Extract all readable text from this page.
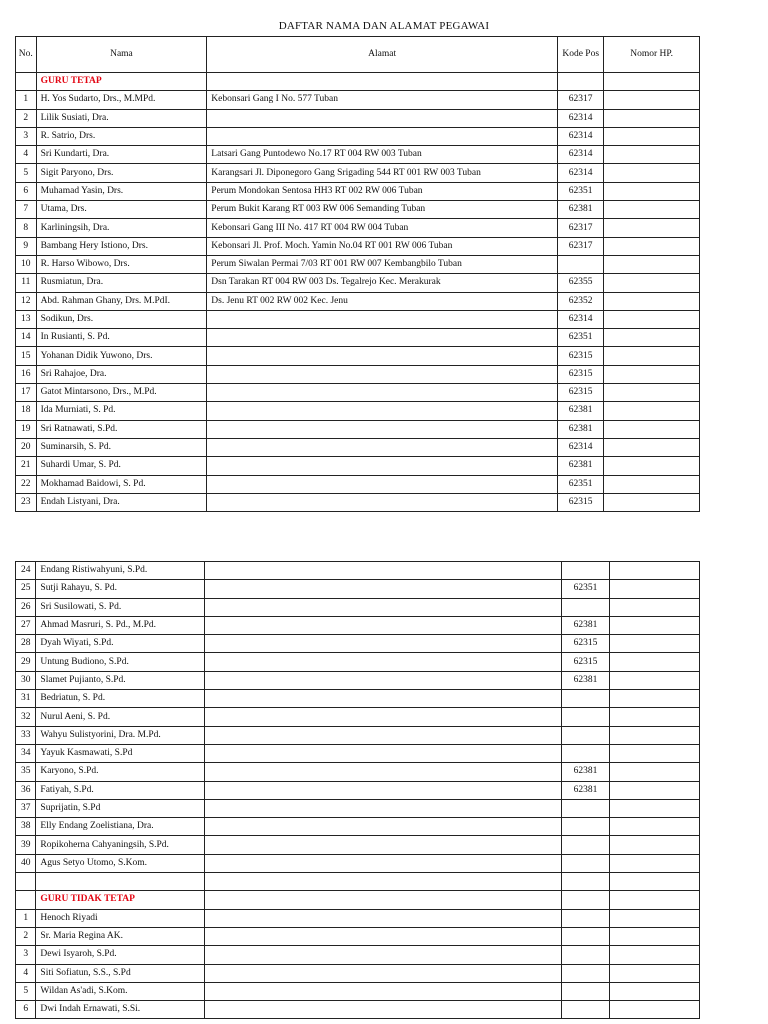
DAFTAR NAMA DAN ALAMAT PEGAWAI
No.	Nama	Alamat	Kode Pos	Nomor HP.
	GURU TETAP			
1	H. Yos Sudarto, Drs., M.MPd.	Kebonsari Gang I No. 577 Tuban	62317	
2	Lilik Susiati, Dra.		62314	
3	R. Satrio, Drs.		62314	
4	Sri Kundarti, Dra.	Latsari Gang Puntodewo No.17 RT 004 RW 003 Tuban	62314	
5	Sigit Paryono, Drs.	Karangsari Jl. Diponegoro Gang Srigading 544 RT 001 RW 003 Tuban	62314	
6	Muhamad Yasin, Drs.	Perum Mondokan Sentosa HH3 RT 002 RW 006 Tuban	62351	
7	Utama, Drs.	Perum Bukit Karang RT 003 RW 006 Semanding Tuban	62381	
8	Karliningsih, Dra.	Kebonsari Gang III No. 417 RT 004 RW 004 Tuban	62317	
9	Bambang Hery Istiono, Drs.	Kebonsari Jl. Prof. Moch. Yamin No.04 RT 001 RW 006 Tuban	62317	
10	R. Harso Wibowo, Drs.	Perum Siwalan Permai 7/03 RT 001 RW 007 Kembangbilo Tuban		
11	Rusmiatun, Dra.	Dsn Tarakan RT 004 RW 003 Ds. Tegalrejo Kec. Merakurak	62355	
12	Abd. Rahman Ghany, Drs. M.PdI.	Ds. Jenu RT 002 RW 002 Kec. Jenu	62352	
13	Sodikun, Drs.		62314	
14	In Rusianti, S. Pd.		62351	
15	Yohanan Didik Yuwono, Drs.		62315	
16	Sri Rahajoe, Dra.		62315	
17	Gatot Mintarsono, Drs., M.Pd.		62315	
18	Ida Murniati, S. Pd.		62381	
19	Sri Ratnawati, S.Pd.		62381	
20	Suminarsih, S. Pd.		62314	
21	Suhardi Umar, S. Pd.		62381	
22	Mokhamad Baidowi, S. Pd.		62351	
23	Endah Listyani, Dra.		62315	
24	Endang Ristiwahyuni, S.Pd.			
25	Sutji Rahayu, S. Pd.		62351	
26	Sri Susilowati, S. Pd.			
27	Ahmad Masruri, S. Pd., M.Pd.		62381	
28	Dyah Wiyati, S.Pd.		62315	
29	Untung Budiono, S.Pd.		62315	
30	Slamet Pujianto, S.Pd.		62381	
31	Bedriatun, S. Pd.			
32	Nurul Aeni, S. Pd.			
33	Wahyu Sulistyorini, Dra. M.Pd.			
34	Yayuk Kasmawati, S.Pd			
35	Karyono, S.Pd.		62381	
36	Fatiyah, S.Pd.		62381	
37	Suprijatin, S.Pd			
38	Elly Endang Zoelistiana, Dra.			
39	Ropikoherna Cahyaningsih, S.Pd.			
40	Agus Setyo Utomo, S.Kom.			

	GURU TIDAK TETAP			
1	Henoch Riyadi			
2	Sr. Maria Regina AK.			
3	Dewi Isyaroh, S.Pd.			
4	Siti Sofiatun, S.S., S.Pd			
5	Wildan As'adi, S.Kom.			
6	Dwi Indah Ernawati, S.Si.			
